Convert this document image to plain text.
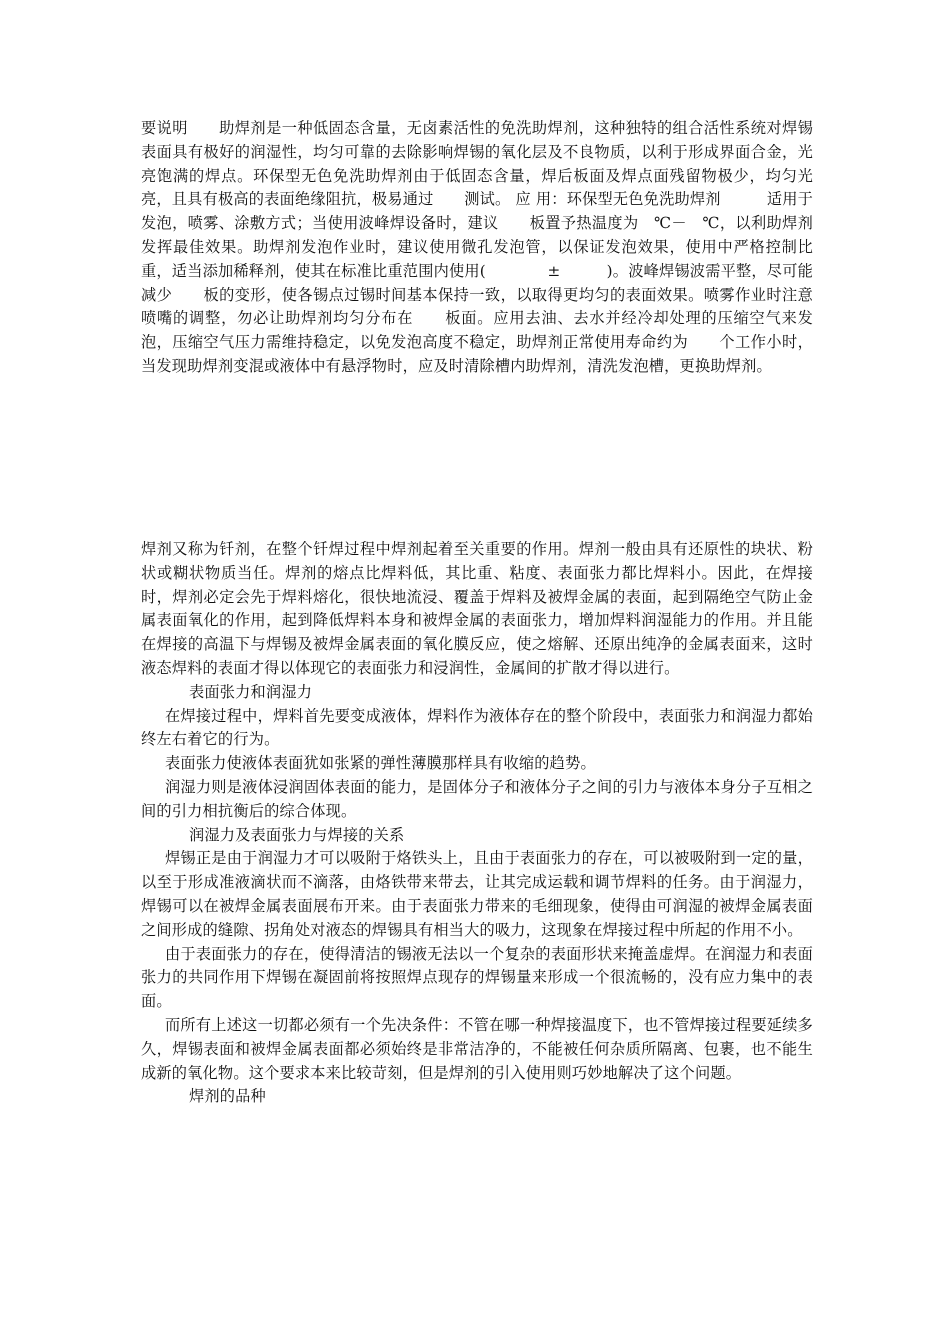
要说明　　助焊剂是一种低固态含量，无卤素活性的免洗助焊剂，这种独特的组合活性系统对焊锡表面具有极好的润湿性，均匀可靠的去除影响焊锡的氧化层及不良物质，以利于形成界面合金，光亮饱满的焊点。环保型无色免洗助焊剂由于低固态含量，焊后板面及焊点面残留物极少，均匀光亮，且具有极高的表面绝缘阻抗，极易通过　　测试。 应 用：环保型无色免洗助焊剂　　　适用于发泡，喷雾、涂敷方式；当使用波峰焊设备时，建议　　板置予热温度为　℃－　℃，以利助焊剂发挥最佳效果。助焊剂发泡作业时，建议使用微孔发泡管，以保证发泡效果，使用中严格控制比重，适当添加稀释剂，使其在标准比重范围内使用(　　　　±　　　)。波峰焊锡波需平整，尽可能减少　　板的变形，使各锡点过锡时间基本保持一致，以取得更均匀的表面效果。喷雾作业时注意喷嘴的调整，勿必让助焊剂均匀分布在　　板面。应用去油、去水并经冷却处理的压缩空气来发泡，压缩空气压力需维持稳定，以免发泡高度不稳定，助焊剂正常使用寿命约为　　个工作小时，当发现助焊剂变混或液体中有悬浮物时，应及时清除槽内助焊剂，清洗发泡槽，更换助焊剂。

焊剂又称为钎剂，在整个钎焊过程中焊剂起着至关重要的作用。焊剂一般由具有还原性的块状、粉状或糊状物质当任。焊剂的熔点比焊料低，其比重、粘度、表面张力都比焊料小。因此，在焊接时，焊剂必定会先于焊料熔化，很快地流浸、覆盖于焊料及被焊金属的表面，起到隔绝空气防止金属表面氧化的作用，起到降低焊料本身和被焊金属的表面张力，增加焊料润湿能力的作用。并且能在焊接的高温下与焊锡及被焊金属表面的氧化膜反应，使之熔解、还原出纯净的金属表面来，这时液态焊料的表面才得以体现它的表面张力和浸润性，金属间的扩散才得以进行。

表面张力和润湿力

在焊接过程中，焊料首先要变成液体，焊料作为液体存在的整个阶段中，表面张力和润湿力都始终左右着它的行为。

表面张力使液体表面犹如张紧的弹性薄膜那样具有收缩的趋势。

润湿力则是液体浸润固体表面的能力，是固体分子和液体分子之间的引力与液体本身分子互相之间的引力相抗衡后的综合体现。

润湿力及表面张力与焊接的关系

焊锡正是由于润湿力才可以吸附于烙铁头上，且由于表面张力的存在，可以被吸附到一定的量，以至于形成准液滴状而不滴落，由烙铁带来带去，让其完成运载和调节焊料的任务。由于润湿力，焊锡可以在被焊金属表面展布开来。由于表面张力带来的毛细现象，使得由可润湿的被焊金属表面之间形成的缝隙、拐角处对液态的焊锡具有相当大的吸力，这现象在焊接过程中所起的作用不小。

由于表面张力的存在，使得清洁的锡液无法以一个复杂的表面形状来掩盖虚焊。在润湿力和表面张力的共同作用下焊锡在凝固前将按照焊点现存的焊锡量来形成一个很流畅的，没有应力集中的表面。

而所有上述这一切都必须有一个先决条件：不管在哪一种焊接温度下，也不管焊接过程要延续多久，焊锡表面和被焊金属表面都必须始终是非常洁净的，不能被任何杂质所隔离、包裹，也不能生成新的氧化物。这个要求本来比较苛刻，但是焊剂的引入使用则巧妙地解决了这个问题。

焊剂的品种
